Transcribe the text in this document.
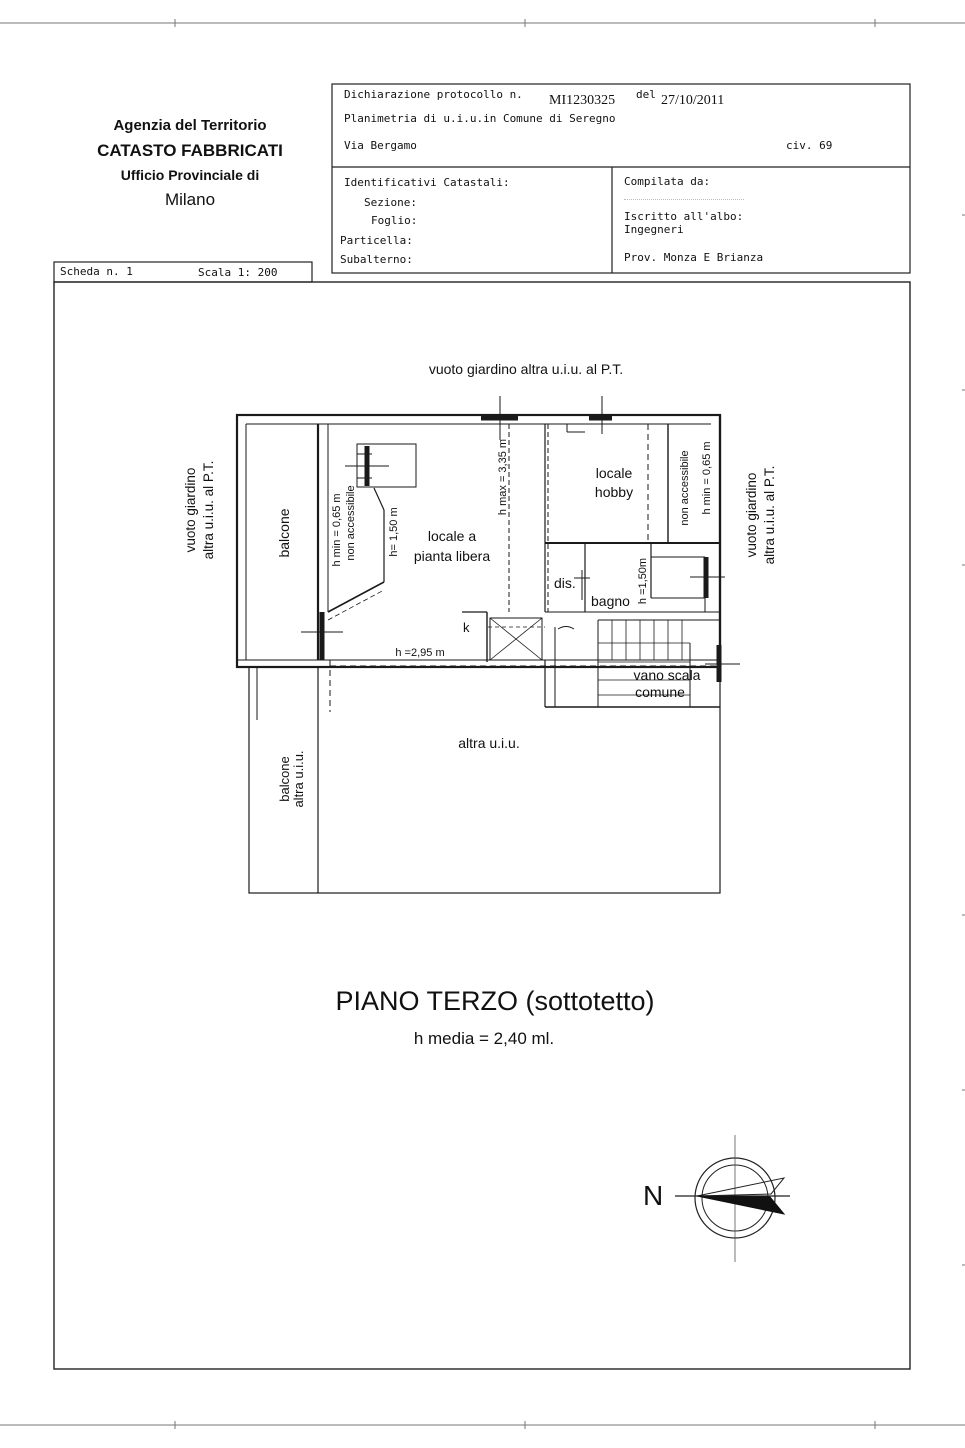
Agenzia del Territorio
CATASTO FABBRICATI
Ufficio Provinciale di
Milano
Dichiarazione protocollo n. MI1230325 del 27/10/2011
Planimetria di u.i.u.in Comune di Seregno
Via Bergamo	civ. 69
Identificativi Catastali:
Sezione:
Foglio:
Particella:
Subalterno:
Compilata da:
Iscritto all'albo:
Ingegneri
Prov. Monza E Brianza
Scheda n. 1	Scala 1: 200
vuoto giardino altra u.i.u. al P.T.
vuoto giardino altra u.i.u. al P.T.	vuoto giardino altra u.i.u. al P.T.
balcone	h min = 0,65 m non accessibile	h= 1,50 m locale a
pianta libera
h max = 3,35 m	locale
hobby	non accessibile h min = 0,65 m
dis.	h =1,50m
bagno
k
h =2,95 m
vano scala
comune
altra u.i.u.
balcone altra u.i.u.
PIANO TERZO (sottotetto)
h media = 2,40 ml.
N
